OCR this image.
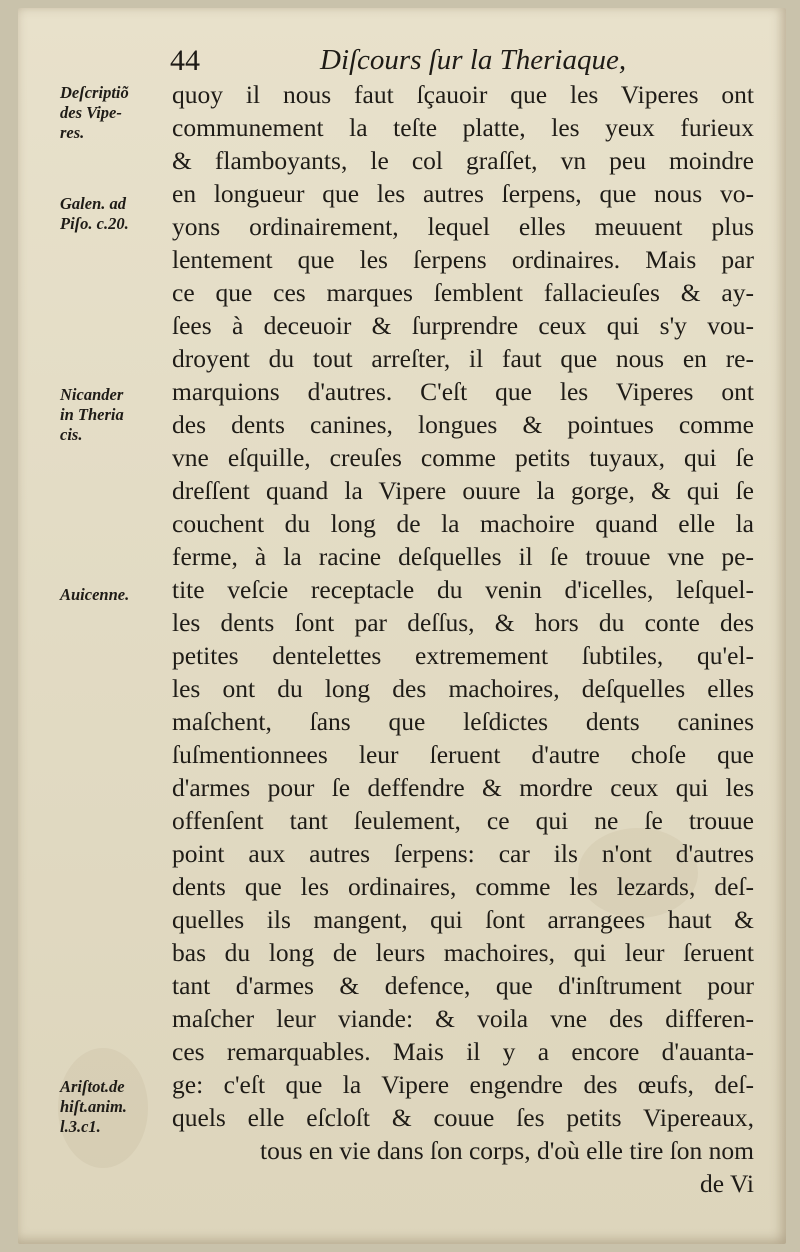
44	Diſcours ſur la Theriaque,
Deſcriptiõ
des Vipe-
res.
Galen. ad
Piſo. c.20.
Nicander
in Theria
cis.
Auicenne.
Ariſtot.de
hiſt.anim.
l.3.c1.
quoy il nous faut ſçauoir que les Viperes ont
communement la teſte platte, les yeux furieux
& flamboyants, le col graſſet, vn peu moindre
en longueur que les autres ſerpens, que nous vo-
yons ordinairement, lequel elles meuuent plus
lentement que les ſerpens ordinaires. Mais par
ce que ces marques ſemblent fallacieuſes & ay-
ſees à deceuoir & ſurprendre ceux qui s'y vou-
droyent du tout arreſter, il faut que nous en re-
marquions d'autres. C'eſt que les Viperes ont
des dents canines, longues & pointues comme
vne eſquille, creuſes comme petits tuyaux, qui ſe
dreſſent quand la Vipere ouure la gorge, & qui ſe
couchent du long de la machoire quand elle la
ferme, à la racine deſquelles il ſe trouue vne pe-
tite veſcie receptacle du venin d'icelles, leſquel-
les dents ſont par deſſus, & hors du conte des
petites dentelettes extremement ſubtiles, qu'el-
les ont du long des machoires, deſquelles elles
maſchent, ſans que leſdictes dents canines
ſuſmentionnees leur ſeruent d'autre choſe que
d'armes pour ſe deffendre & mordre ceux qui les
offenſent tant ſeulement, ce qui ne ſe trouue
point aux autres ſerpens: car ils n'ont d'autres
dents que les ordinaires, comme les lezards, deſ-
quelles ils mangent, qui ſont arrangees haut &
bas du long de leurs machoires, qui leur ſeruent
tant d'armes & defence, que d'inſtrument pour
maſcher leur viande: & voila vne des differen-
ces remarquables. Mais il y a encore d'auanta-
ge: c'eſt que la Vipere engendre des œufs, deſ-
quels elle eſcloſt & couue ſes petits Vipereaux,
tous en vie dans ſon corps, d'où elle tire ſon nom
de Vi
